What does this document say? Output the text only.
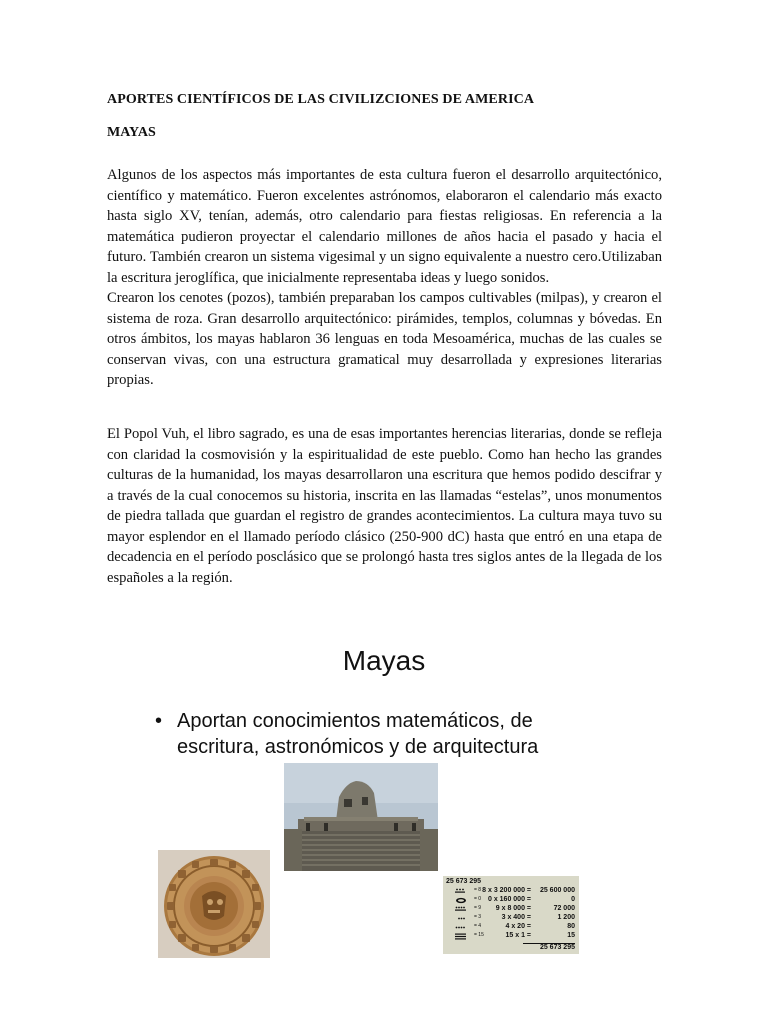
APORTES CIENTÍFICOS DE LAS CIVILIZCIONES DE AMERICA
MAYAS

Algunos de los aspectos más importantes de esta cultura fueron el desarrollo arquitectónico, científico y matemático. Fueron excelentes astrónomos, elaboraron el calendario más exacto hasta siglo XV, tenían, además, otro calendario para fiestas religiosas. En referencia a la matemática pudieron proyectar el calendario millones de años hacia el pasado y hacia el futuro. También crearon un sistema vigesimal y un signo equivalente a nuestro cero.Utilizaban la escritura jeroglífica, que inicialmente representaba ideas y luego sonidos.

Crearon los cenotes (pozos), también preparaban los campos cultivables (milpas), y crearon el sistema de roza. Gran desarrollo arquitectónico: pirámides, templos, columnas y bóvedas. En otros ámbitos, los mayas hablaron 36 lenguas en toda Mesoamérica, muchas de las cuales se conservan vivas, con una estructura gramatical muy desarrollada y expresiones literarias propias.

El Popol Vuh, el libro sagrado, es una de esas importantes herencias literarias, donde se refleja con claridad la cosmovisión y la espiritualidad de este pueblo. Como han hecho las grandes culturas de la humanidad, los mayas desarrollaron una escritura que hemos podido descifrar y a través de la cual conocemos su historia, inscrita en las llamadas “estelas”, unos monumentos de piedra tallada que guardan el registro de grandes acontecimientos. La cultura maya tuvo su mayor esplendor en el llamado período clásico (250-900 dC) hasta que entró en una etapa de decadencia en el período posclásico que se prolongó hasta tres siglos antes de la llegada de los españoles a la región.

Mayas
• Aportan conocimientos matemáticos, de escritura, astronómicos y de arquitectura
25 673 295
= 8 8 x 3 200 000 = 25 600 000
= 0 0 x 160 000 =	0
= 9 9 x 8 000 =	72 000
= 3	3 x 400 =	1 200
= 4	4 x 20 =	80
= 15	15 x 1 =	15
25 673 295
